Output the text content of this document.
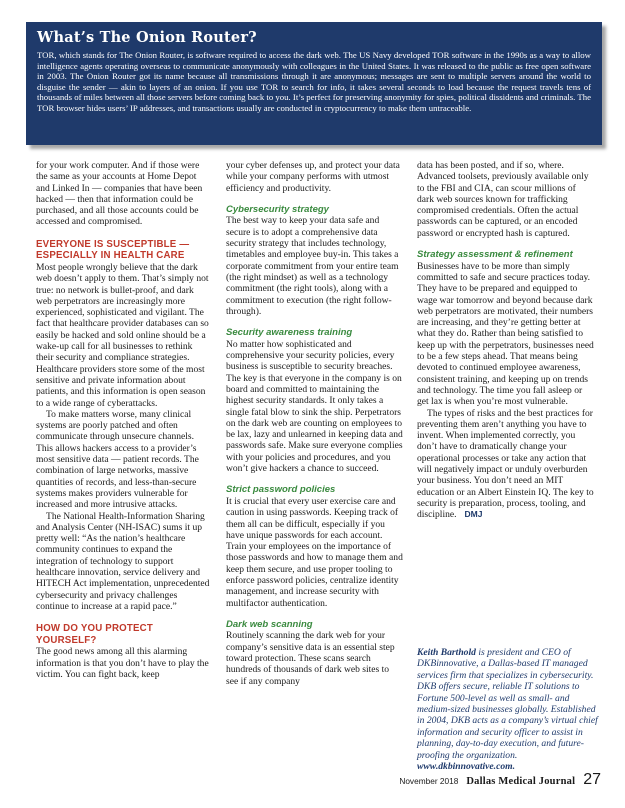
What’s The Onion Router?
TOR, which stands for The Onion Router, is software required to access the dark web. The US Navy developed TOR software in the 1990s as a way to allow intelligence agents operating overseas to communicate anonymously with colleagues in the United States. It was released to the public as free open software in 2003. The Onion Router got its name because all transmissions through it are anonymous; messages are sent to multiple servers around the world to disguise the sender — akin to layers of an onion. If you use TOR to search for info, it takes several seconds to load because the request travels tens of thousands of miles between all those servers before coming back to you. It’s perfect for preserving anonymity for spies, political dissidents and criminals. The TOR browser hides users’ IP addresses, and transactions usually are conducted in cryptocurrency to make them untraceable.

for your work computer. And if those were the same as your accounts at Home Depot and Linked In — companies that have been hacked — then that information could be purchased, and all those accounts could be accessed and compromised.

EVERYONE IS SUSCEPTIBLE — ESPECIALLY IN HEALTH CARE

Most people wrongly believe that the dark web doesn’t apply to them. That’s simply not true: no network is bullet-proof, and dark web perpetrators are increasingly more experienced, sophisticated and vigilant. The fact that healthcare provider databases can so easily be hacked and sold online should be a wake-up call for all businesses to rethink their security and compliance strategies. Healthcare providers store some of the most sensitive and private information about patients, and this information is open season to a wide range of cyberattacks.

To make matters worse, many clinical systems are poorly patched and often communicate through unsecure channels. This allows hackers access to a provider’s most sensitive data — patient records. The combination of large networks, massive quantities of records, and less-than-secure systems makes providers vulnerable for increased and more intrusive attacks.

The National Health-Information Sharing and Analysis Center (NH-ISAC) sums it up pretty well: “As the nation’s healthcare community continues to expand the integration of technology to support healthcare innovation, service delivery and HITECH Act implementation, unprecedented cybersecurity and privacy challenges continue to increase at a rapid pace.”

HOW DO YOU PROTECT YOURSELF?

The good news among all this alarming information is that you don’t have to play the victim. You can fight back, keep

your cyber defenses up, and protect your data while your company performs with utmost efficiency and productivity.

Cybersecurity strategy

The best way to keep your data safe and secure is to adopt a comprehensive data security strategy that includes technology, timetables and employee buy-in. This takes a corporate commitment from your entire team (the right mindset) as well as a technology commitment (the right tools), along with a commitment to execution (the right follow-through).

Security awareness training

No matter how sophisticated and comprehensive your security policies, every business is susceptible to security breaches. The key is that everyone in the company is on board and committed to maintaining the highest security standards. It only takes a single fatal blow to sink the ship. Perpetrators on the dark web are counting on employees to be lax, lazy and unlearned in keeping data and passwords safe. Make sure everyone complies with your policies and procedures, and you won’t give hackers a chance to succeed.

Strict password policies

It is crucial that every user exercise care and caution in using passwords. Keeping track of them all can be difficult, especially if you have unique passwords for each account. Train your employees on the importance of those passwords and how to manage them and keep them secure, and use proper tooling to enforce password policies, centralize identity management, and increase security with multifactor authentication.

Dark web scanning

Routinely scanning the dark web for your company’s sensitive data is an essential step toward protection. These scans search hundreds of thousands of dark web sites to see if any company

data has been posted, and if so, where. Advanced toolsets, previously available only to the FBI and CIA, can scour millions of dark web sources known for trafficking compromised credentials. Often the actual passwords can be captured, or an encoded password or encrypted hash is captured.

Strategy assessment & refinement

Businesses have to be more than simply committed to safe and secure practices today. They have to be prepared and equipped to wage war tomorrow and beyond because dark web perpetrators are motivated, their numbers are increasing, and they’re getting better at what they do. Rather than being satisfied to keep up with the perpetrators, businesses need to be a few steps ahead. That means being devoted to continued employee awareness, consistent training, and keeping up on trends and technology. The time you fall asleep or get lax is when you’re most vulnerable.

The types of risks and the best practices for preventing them aren’t anything you have to invent. When implemented correctly, you don’t have to dramatically change your operational processes or take any action that will negatively impact or unduly overburden your business. You don’t need an MIT education or an Albert Einstein IQ. The key to security is preparation, process, tooling, and discipline. DMJ

Keith Barthold is president and CEO of DKBinnovative, a Dallas-based IT managed services firm that specializes in cybersecurity. DKB offers secure, reliable IT solutions to Fortune 500-level as well as small- and medium-sized businesses globally. Established in 2004, DKB acts as a company’s virtual chief information and security officer to assist in planning, day-to-day execution, and future-proofing the organization. www.dkbinnovative.com.
November 2018 Dallas Medical Journal 27
